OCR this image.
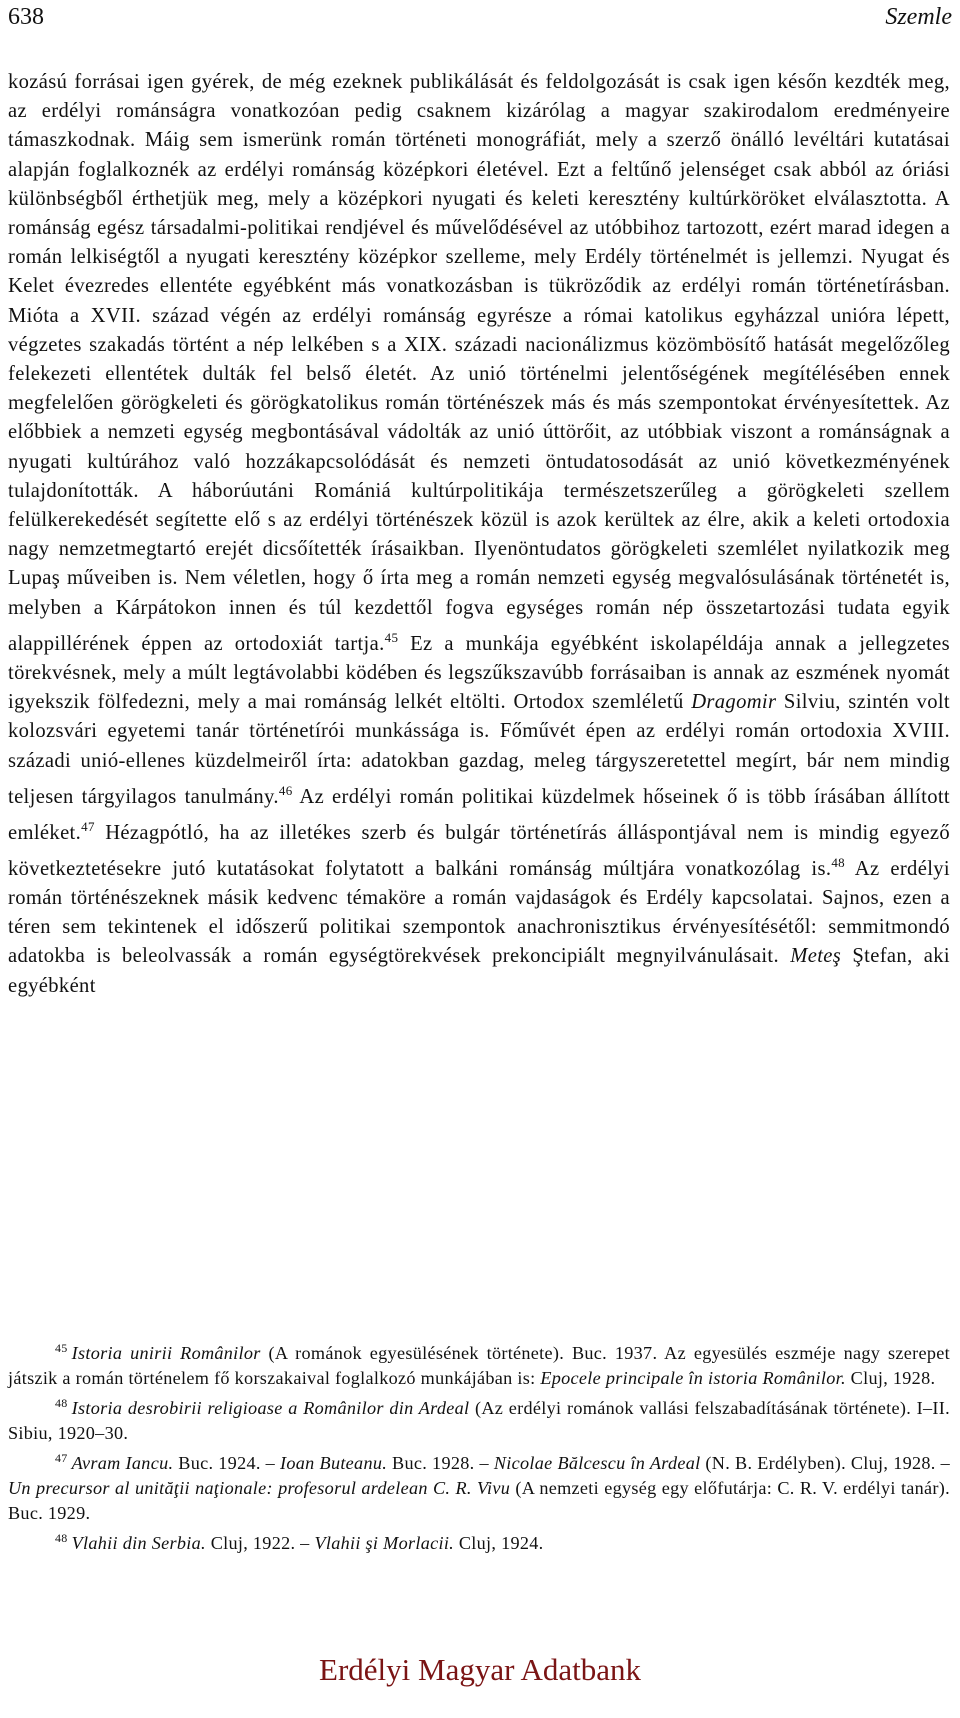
638	Szemle

kozású forrásai igen gyérek, de még ezeknek publikálását és feldolgozását is csak igen későn kezdték meg, az erdélyi románságra vonatkozóan pedig csaknem kizárólag a magyar szakirodalom eredményeire támaszkodnak. Máig sem ismerünk román történeti monográfiát, mely a szerző önálló levéltári kutatásai alapján foglalkoznék az erdélyi románság középkori életével. Ezt a feltűnő jelenséget csak abból az óriási különbségből érthetjük meg, mely a középkori nyugati és keleti keresztény kultúrköröket elválasztotta. A románság egész társadalmi-politikai rendjével és művelődésével az utóbbihoz tartozott, ezért marad idegen a román lelkiségtől a nyugati keresztény középkor szelleme, mely Erdély történelmét is jellemzi. Nyugat és Kelet évezredes ellentéte egyébként más vonatkozásban is tükröződik az erdélyi román történetírásban. Mióta a XVII. század végén az erdélyi románság egyrésze a római katolikus egyházzal unióra lépett, végzetes szakadás történt a nép lelkében s a XIX. századi nacionálizmus közömbösítő hatását megelőzőleg felekezeti ellentétek dulták fel belső életét. Az unió történelmi jelentőségének megítélésében ennek megfelelően görögkeleti és görögkatolikus román történészek más és más szempontokat érvényesítettek. Az előbbiek a nemzeti egység megbontásával vádolták az unió úttörőit, az utóbbiak viszont a románságnak a nyugati kultúrához való hozzákapcsolódását és nemzeti öntudatosodását az unió következményének tulajdonították. A háborúutáni Romániá kultúrpolitikája természetszerűleg a görögkeleti szellem felülkerekedését segítette elő s az erdélyi történészek közül is azok kerültek az élre, akik a keleti ortodoxia nagy nemzetmegtartó erejét dicsőítették írásaikban. Ilyenöntudatos görögkeleti szemlélet nyilatkozik meg Lupaş műveiben is. Nem véletlen, hogy ő írta meg a román nemzeti egység megvalósulásának történetét is, melyben a Kárpátokon innen és túl kezdettől fogva egységes román nép összetartozási tudata egyik alappillérének éppen az ortodoxiát tartja.$^{45}$ Ez a munkája egyébként iskolapéldája annak a jellegzetes törekvésnek, mely a múlt legtávolabbi ködében és legszűkszavúbb forrásaiban is annak az eszmének nyomát igyekszik fölfedezni, mely a mai románság lelkét eltölti. Ortodox szemléletű Dragomir Silviu, szintén volt kolozsvári egyetemi tanár történetírói munkássága is. Főművét épen az erdélyi román ortodoxia XVIII. századi unió-ellenes küzdelmeiről írta: adatokban gazdag, meleg tárgyszeretettel megírt, bár nem mindig teljesen tárgyilagos tanulmány.$^{46}$ Az erdélyi román politikai küzdelmek hőseinek ő is több írásában állított emléket.$^{47}$ Hézagpótló, ha az illetékes szerb és bulgár történetírás álláspontjával nem is mindig egyező következtetésekre jutó kutatásokat folytatott a balkáni románság múltjára vonatkozólag is.$^{48}$ Az erdélyi román történészeknek másik kedvenc témaköre a román vajdaságok és Erdély kapcsolatai. Sajnos, ezen a téren sem tekintenek el időszerű politikai szempontok anachronisztikus érvényesítésétől: semmitmondó adatokba is beleolvassák a román egységtörekvések prekoncipiált megnyilvánulásait. Meteş Ştefan, aki egyébként

$^{45}$ Istoria unirii Românilor (A románok egyesülésének története). Buc. 1937. Az egyesülés eszméje nagy szerepet játszik a román történelem fő korszakaival foglalkozó munkájában is: Epocele principale în istoria Românilor. Cluj, 1928.

$^{48}$ Istoria desrobirii religioase a Românilor din Ardeal (Az erdélyi románok vallási felszabadításának története). I–II. Sibiu, 1920–30.

$^{47}$ Avram Iancu. Buc. 1924. – Ioan Buteanu. Buc. 1928. – Nicolae Bălcescu în Ardeal (N. B. Erdélyben). Cluj, 1928. – Un precursor al unităţii naţionale: profesorul ardelean C. R. Vivu (A nemzeti egység egy előfutárja: C. R. V. erdélyi tanár). Buc. 1929.

$^{48}$ Vlahii din Serbia. Cluj, 1922. – Vlahii şi Morlacii. Cluj, 1924.

Erdélyi Magyar Adatbank
